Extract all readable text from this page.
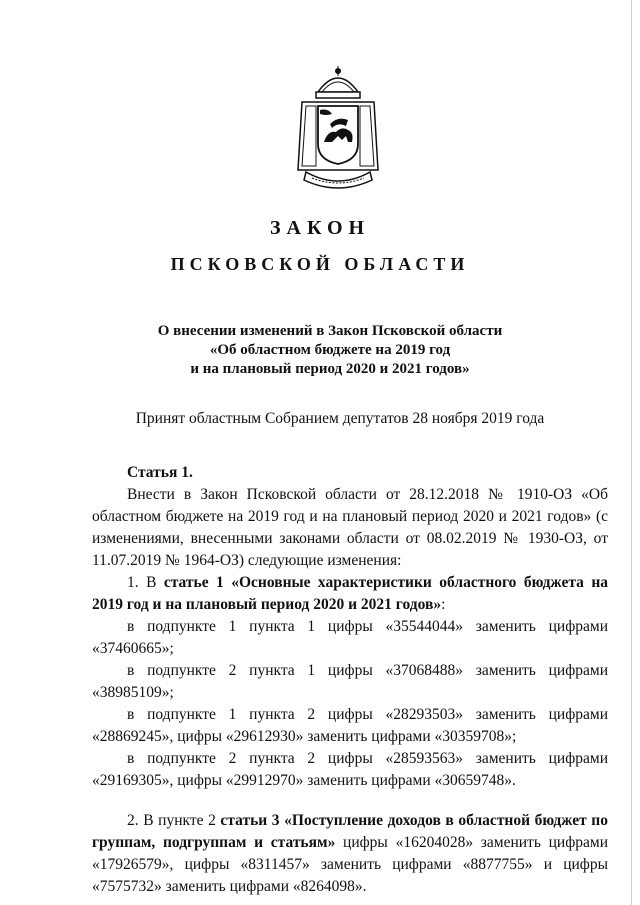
ЗАКОН
ПСКОВСКОЙ ОБЛАСТИ
О внесении изменений в Закон Псковской области
«Об областном бюджете на 2019 год
и на плановый период 2020 и 2021 годов»
Принят областным Собранием депутатов 28 ноября 2019 года
Статья 1.

Внести в Закон Псковской области от 28.12.2018 № 1910-ОЗ «Об областном бюджете на 2019 год и на плановый период 2020 и 2021 годов» (с изменениями, внесенными законами области от 08.02.2019 № 1930-ОЗ, от 11.07.2019 № 1964-ОЗ) следующие изменения:

1. В статье 1 «Основные характеристики областного бюджета на 2019 год и на плановый период 2020 и 2021 годов»:

в подпункте 1 пункта 1 цифры «35544044» заменить цифрами «37460665»;

в подпункте 2 пункта 1 цифры «37068488» заменить цифрами «38985109»;

в подпункте 1 пункта 2 цифры «28293503» заменить цифрами «28869245», цифры «29612930» заменить цифрами «30359708»;

в подпункте 2 пункта 2 цифры «28593563» заменить цифрами «29169305», цифры «29912970» заменить цифрами «30659748».

2. В пункте 2 статьи 3 «Поступление доходов в областной бюджет по группам, подгруппам и статьям» цифры «16204028» заменить цифрами «17926579», цифры «8311457» заменить цифрами «8877755» и цифры «7575732» заменить цифрами «8264098».
